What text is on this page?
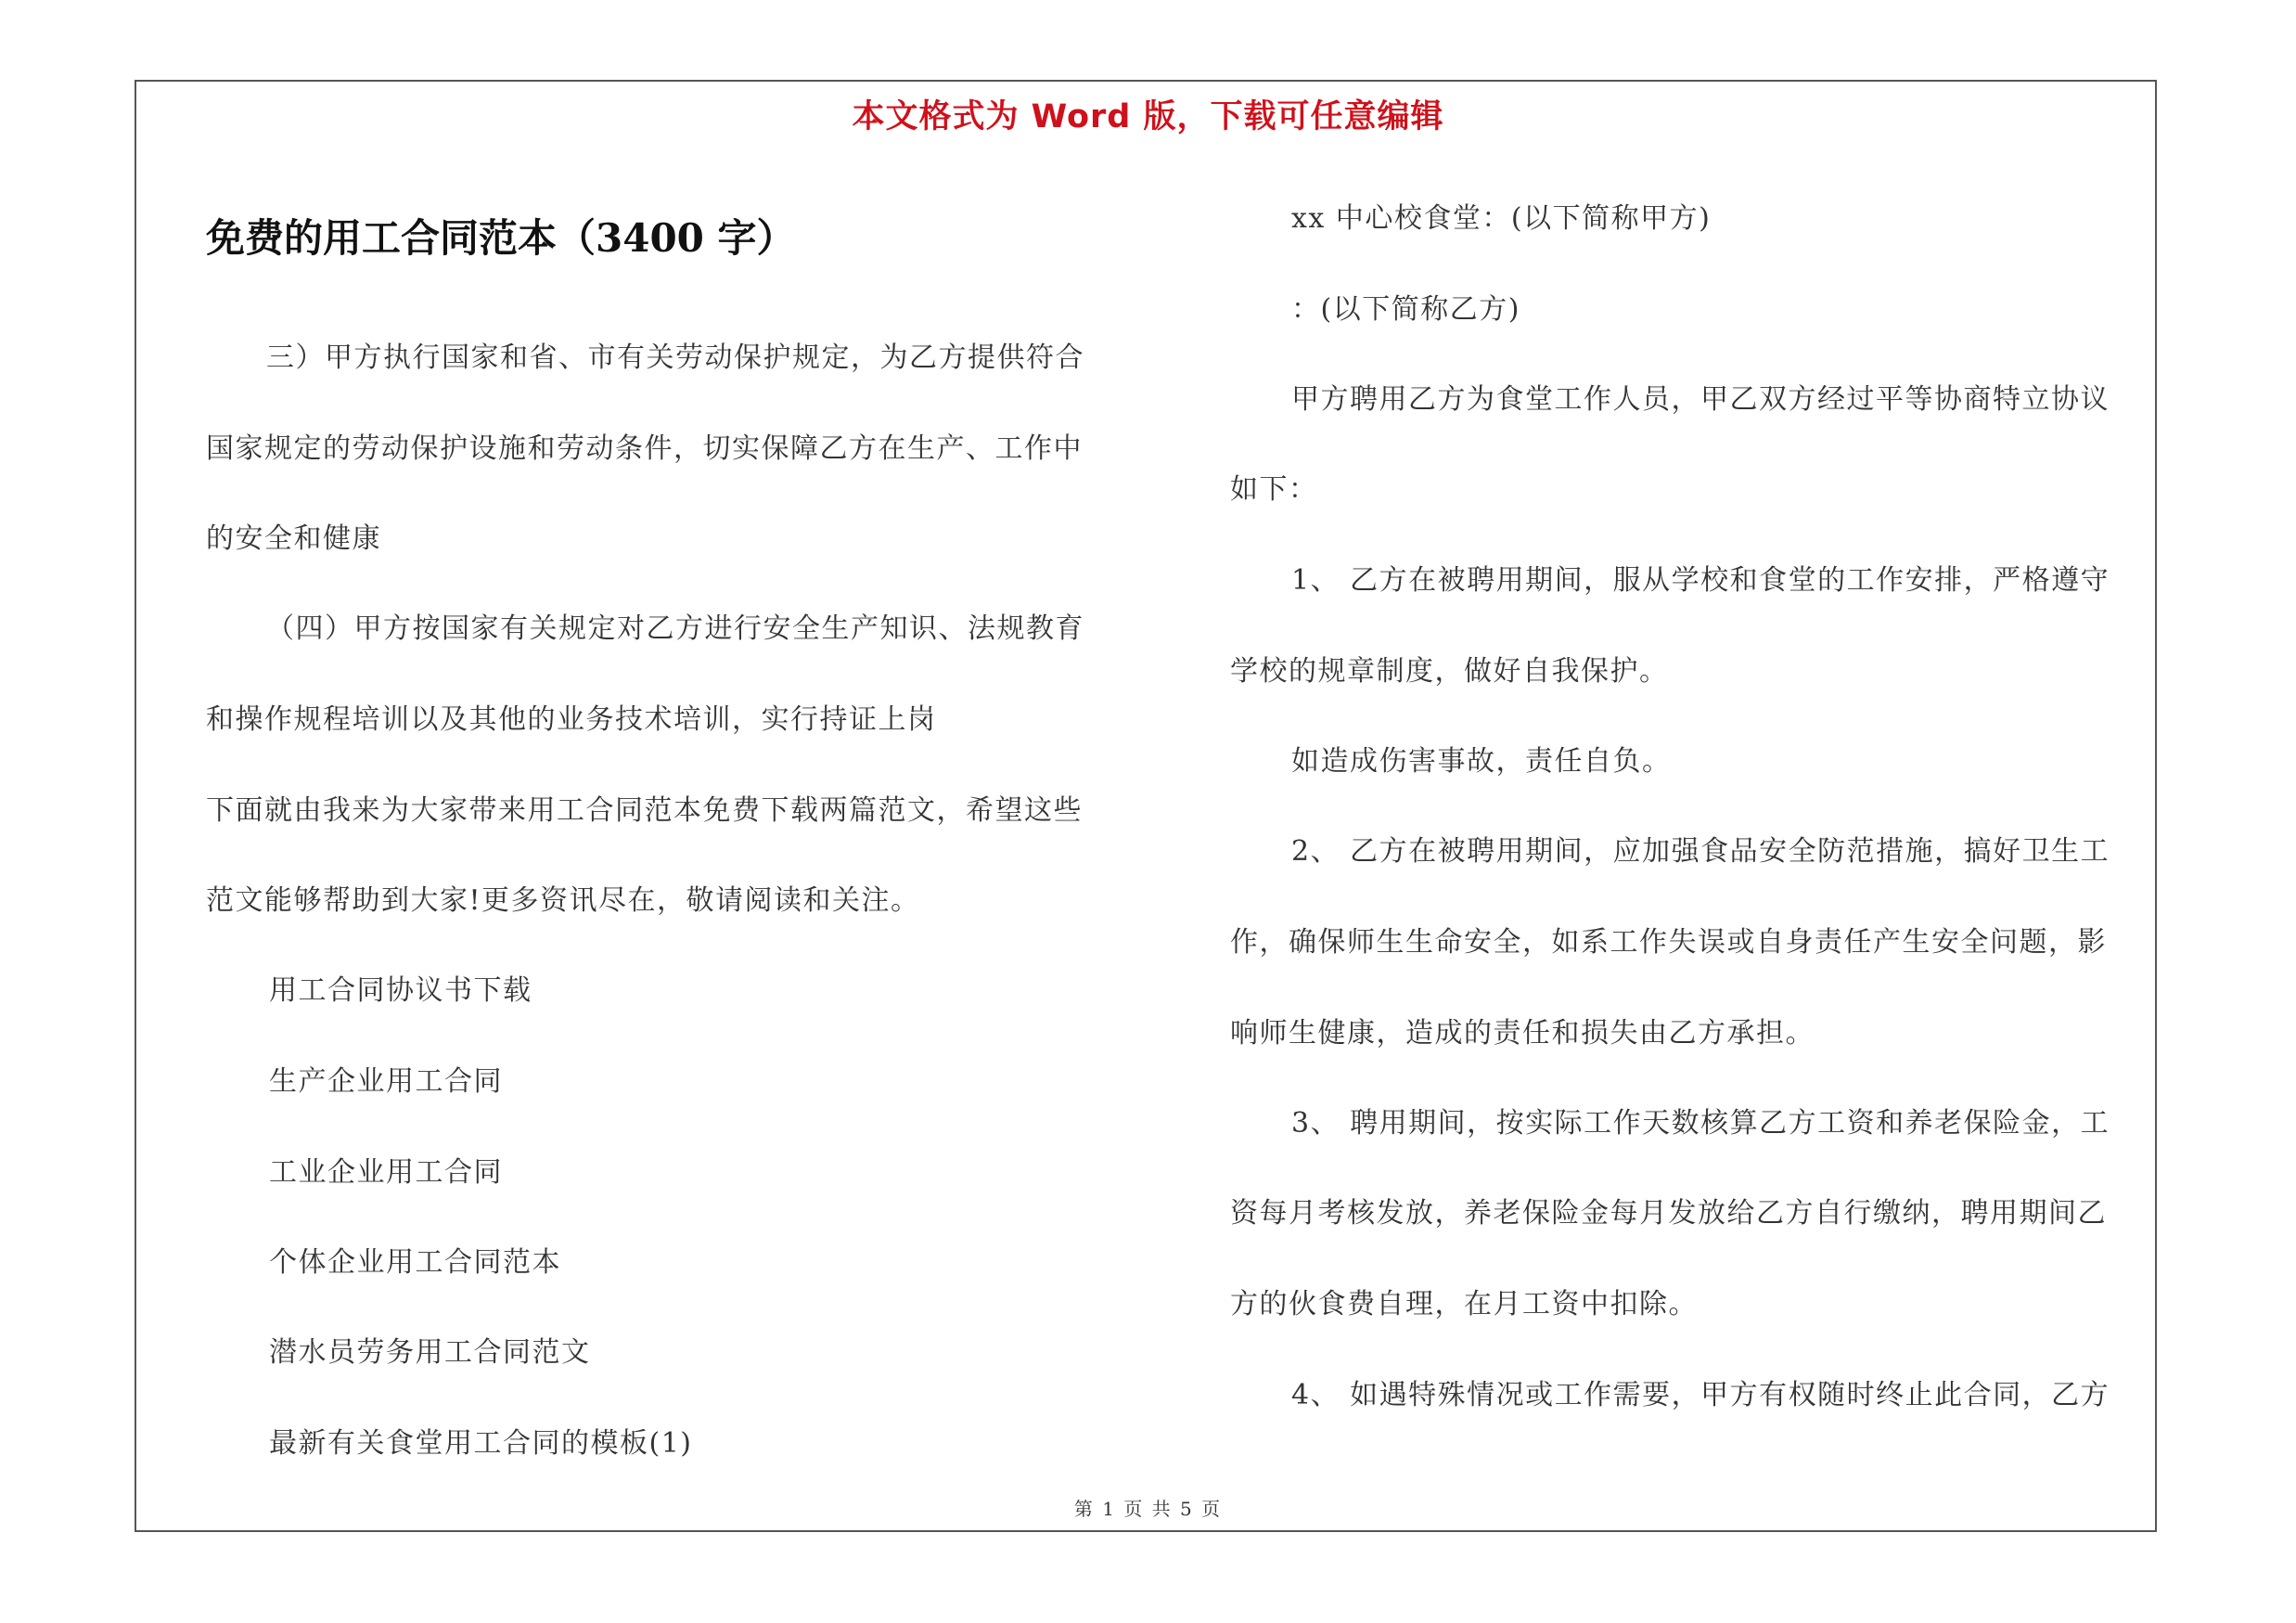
本文格式为 Word 版，下载可任意编辑
免费的用工合同范本（3400 字）
三）甲方执行国家和省、市有关劳动保护规定，为乙方提供符合
国家规定的劳动保护设施和劳动条件，切实保障乙方在生产、工作中
的安全和健康
（四）甲方按国家有关规定对乙方进行安全生产知识、法规教育
和操作规程培训以及其他的业务技术培训，实行持证上岗
下面就由我来为大家带来用工合同范本免费下载两篇范文，希望这些
范文能够帮助到大家!更多资讯尽在，敬请阅读和关注。
用工合同协议书下载
生产企业用工合同
工业企业用工合同
个体企业用工合同范本
潜水员劳务用工合同范文
最新有关食堂用工合同的模板(1)
xx 中心校食堂：(以下简称甲方)
：(以下简称乙方)
甲方聘用乙方为食堂工作人员，甲乙双方经过平等协商特立协议
如下：
1、 乙方在被聘用期间，服从学校和食堂的工作安排，严格遵守
学校的规章制度，做好自我保护。
如造成伤害事故，责任自负。
2、 乙方在被聘用期间，应加强食品安全防范措施，搞好卫生工
作，确保师生生命安全，如系工作失误或自身责任产生安全问题，影
响师生健康，造成的责任和损失由乙方承担。
3、 聘用期间，按实际工作天数核算乙方工资和养老保险金，工
资每月考核发放，养老保险金每月发放给乙方自行缴纳，聘用期间乙
方的伙食费自理，在月工资中扣除。
4、 如遇特殊情况或工作需要，甲方有权随时终止此合同，乙方
第 1 页 共 5 页
